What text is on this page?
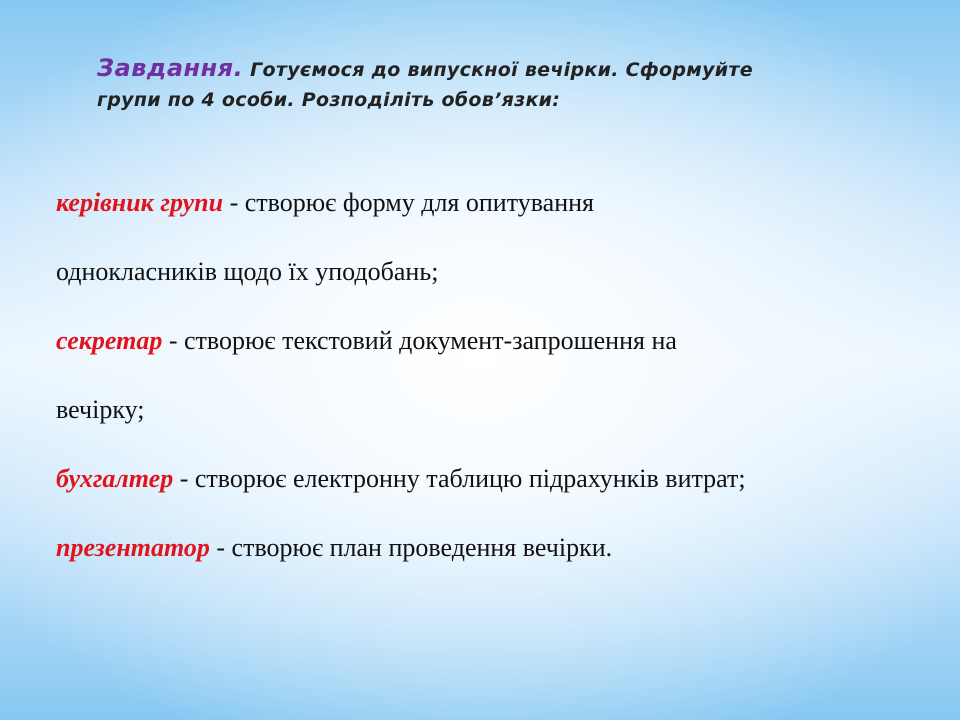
Завдання. Готуємося до випускної вечірки. Сформуйте
групи по 4 особи. Розподіліть обов’язки:

керівник групи - створює форму для опитування

однокласників щодо їх уподобань;

секретар - створює текстовий документ-запрошення на

вечірку;

бухгалтер - створює електронну таблицю підрахунків витрат;

презентатор - створює план проведення вечірки.
